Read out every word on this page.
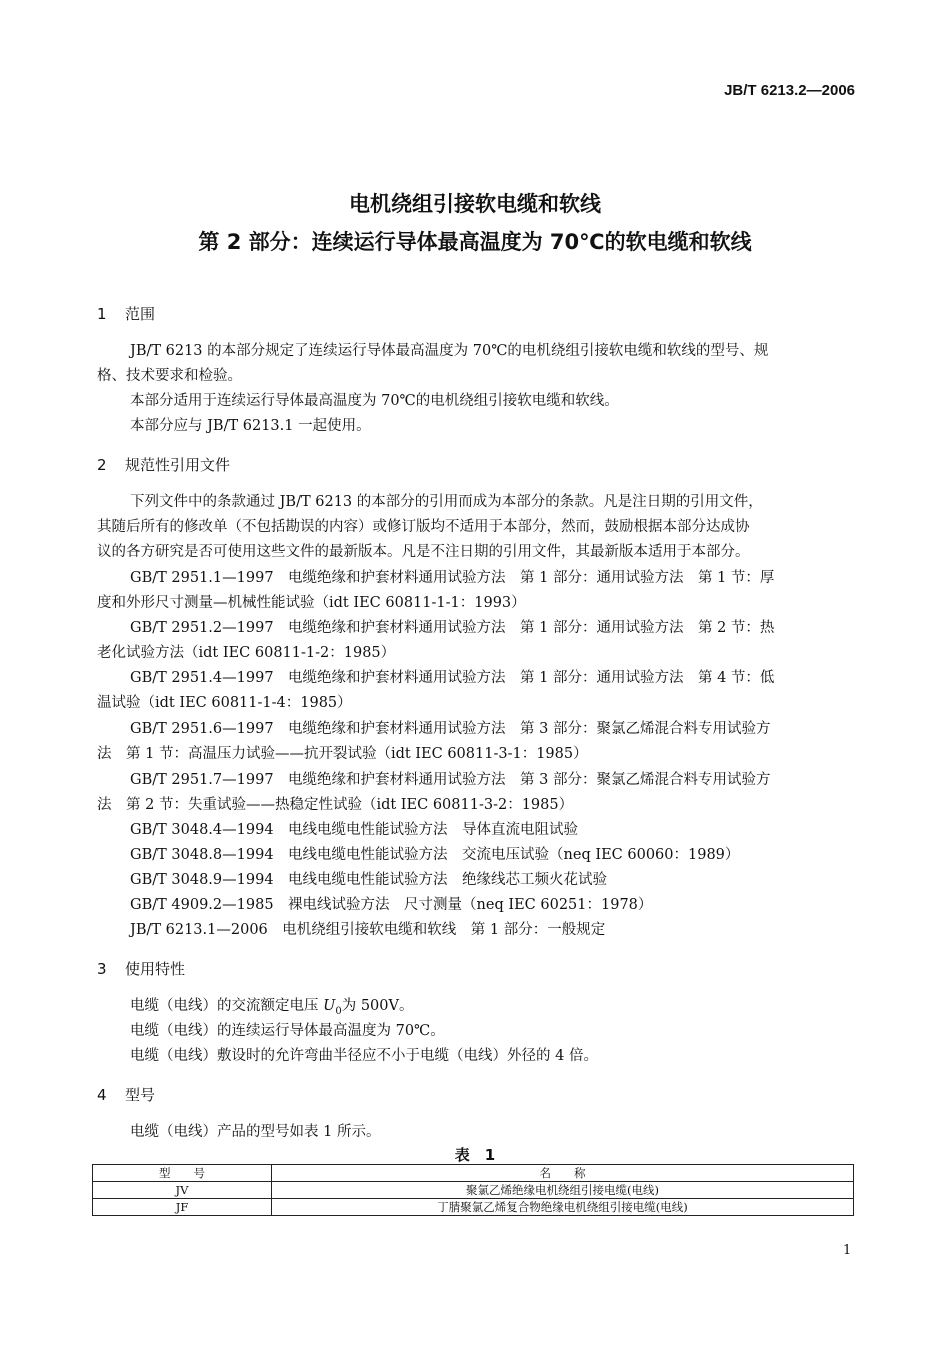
JB/T 6213.2—2006
电机绕组引接软电缆和软线
第 2 部分：连续运行导体最高温度为 70℃的软电缆和软线
1 范围
JB/T 6213 的本部分规定了连续运行导体最高温度为 70℃的电机绕组引接软电缆和软线的型号、规
格、技术要求和检验。
本部分适用于连续运行导体最高温度为 70℃的电机绕组引接软电缆和软线。
本部分应与 JB/T 6213.1 一起使用。
2 规范性引用文件
下列文件中的条款通过 JB/T 6213 的本部分的引用而成为本部分的条款。凡是注日期的引用文件，
其随后所有的修改单（不包括勘误的内容）或修订版均不适用于本部分，然而，鼓励根据本部分达成协
议的各方研究是否可使用这些文件的最新版本。凡是不注日期的引用文件，其最新版本适用于本部分。
GB/T 2951.1—1997　电缆绝缘和护套材料通用试验方法　第 1 部分：通用试验方法　第 1 节：厚
度和外形尺寸测量—机械性能试验（idt IEC 60811-1-1：1993）
GB/T 2951.2—1997　电缆绝缘和护套材料通用试验方法　第 1 部分：通用试验方法　第 2 节：热
老化试验方法（idt IEC 60811-1-2：1985）
GB/T 2951.4—1997　电缆绝缘和护套材料通用试验方法　第 1 部分：通用试验方法　第 4 节：低
温试验（idt IEC 60811-1-4：1985）
GB/T 2951.6—1997　电缆绝缘和护套材料通用试验方法　第 3 部分：聚氯乙烯混合料专用试验方
法　第 1 节：高温压力试验——抗开裂试验（idt IEC 60811-3-1：1985）
GB/T 2951.7—1997　电缆绝缘和护套材料通用试验方法　第 3 部分：聚氯乙烯混合料专用试验方
法　第 2 节：失重试验——热稳定性试验（idt IEC 60811-3-2：1985）
GB/T 3048.4—1994　电线电缆电性能试验方法　导体直流电阻试验
GB/T 3048.8—1994　电线电缆电性能试验方法　交流电压试验（neq IEC 60060：1989）
GB/T 3048.9—1994　电线电缆电性能试验方法　绝缘线芯工频火花试验
GB/T 4909.2—1985　裸电线试验方法　尺寸测量（neq IEC 60251：1978）
JB/T 6213.1—2006　电机绕组引接软电缆和软线　第 1 部分：一般规定
3 使用特性
电缆（电线）的交流额定电压 $U_0$为 500V。
电缆（电线）的连续运行导体最高温度为 70℃。
电缆（电线）敷设时的允许弯曲半径应不小于电缆（电线）外径的 4 倍。
4 型号
电缆（电线）产品的型号如表 1 所示。
表　1
型　　号	名　　称
JV	聚氯乙烯绝缘电机绕组引接电缆(电线)
JF	丁腈聚氯乙烯复合物绝缘电机绕组引接电缆(电线)
1
